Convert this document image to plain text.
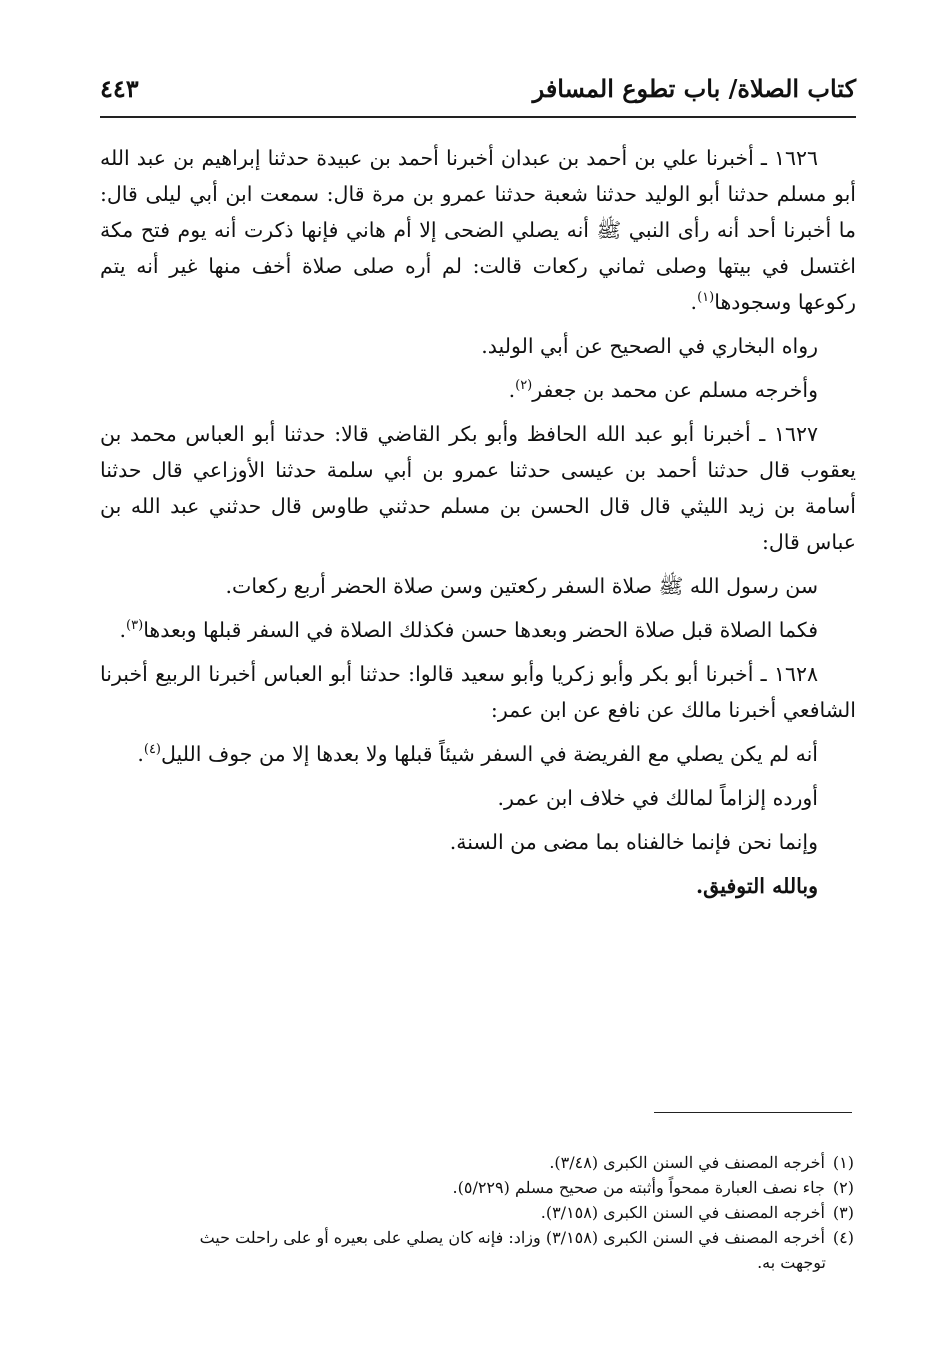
كتاب الصلاة/ باب تطوع المسافر
٤٤٣

١٦٢٦ ـ أخبرنا علي بن أحمد بن عبدان أخبرنا أحمد بن عبيدة حدثنا إبراهيم بن عبد الله أبو مسلم حدثنا أبو الوليد حدثنا شعبة حدثنا عمرو بن مرة قال: سمعت ابن أبي ليلى قال: ما أخبرنا أحد أنه رأى النبي ﷺ أنه يصلي الضحى إلا أم هاني فإنها ذكرت أنه يوم فتح مكة اغتسل في بيتها وصلى ثماني ركعات قالت: لم أره صلى صلاة أخف منها غير أنه يتم ركوعها وسجودها$^{(١)}$.

رواه البخاري في الصحيح عن أبي الوليد.

وأخرجه مسلم عن محمد بن جعفر$^{(٢)}$.

١٦٢٧ ـ أخبرنا أبو عبد الله الحافظ وأبو بكر القاضي قالا: حدثنا أبو العباس محمد بن يعقوب قال حدثنا أحمد بن عيسى حدثنا عمرو بن أبي سلمة حدثنا الأوزاعي قال حدثنا أسامة بن زيد الليثي قال قال الحسن بن مسلم حدثني طاوس قال حدثني عبد الله بن عباس قال:

سن رسول الله ﷺ صلاة السفر ركعتين وسن صلاة الحضر أربع ركعات.

فكما الصلاة قبل صلاة الحضر وبعدها حسن فكذلك الصلاة في السفر قبلها وبعدها$^{(٣)}$.

١٦٢٨ ـ أخبرنا أبو بكر وأبو زكريا وأبو سعيد قالوا: حدثنا أبو العباس أخبرنا الربيع أخبرنا الشافعي أخبرنا مالك عن نافع عن ابن عمر:

أنه لم يكن يصلي مع الفريضة في السفر شيئاً قبلها ولا بعدها إلا من جوف الليل$^{(٤)}$.

أورده إلزاماً لمالك في خلاف ابن عمر.

وإنما نحن فإنما خالفناه بما مضى من السنة.

وبالله التوفيق.

(١) أخرجه المصنف في السنن الكبرى (٣/٤٨).

(٢) جاء نصف العبارة ممحواً وأثبته من صحيح مسلم (٥/٢٢٩).

(٣) أخرجه المصنف في السنن الكبرى (٣/١٥٨).

(٤) أخرجه المصنف في السنن الكبرى (٣/١٥٨) وزاد: فإنه كان يصلي على بعيره أو على راحلت حيث

توجهت به.
